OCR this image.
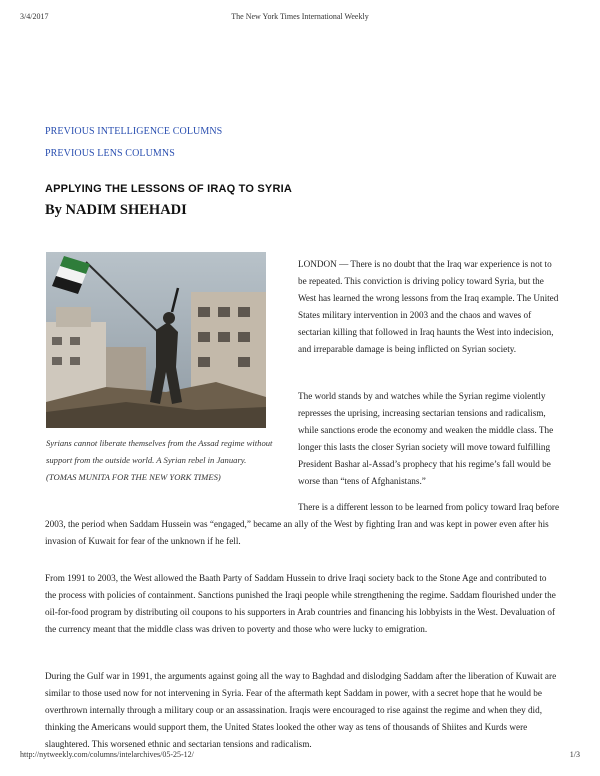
3/4/2017	The New York Times International Weekly
PREVIOUS INTELLIGENCE COLUMNS
PREVIOUS LENS COLUMNS
APPLYING THE LESSONS OF IRAQ TO SYRIA
By NADIM SHEHADI
Syrians cannot liberate themselves from the Assad regime without support from the outside world. A Syrian rebel in January. (TOMAS MUNITA FOR THE NEW YORK TIMES)

LONDON — There is no doubt that the Iraq war experience is not to be repeated. This conviction is driving policy toward Syria, but the West has learned the wrong lessons from the Iraq example. The United States military intervention in 2003 and the chaos and waves of sectarian killing that followed in Iraq haunts the West into indecision, and irreparable damage is being inflicted on Syrian society.

The world stands by and watches while the Syrian regime violently represses the uprising, increasing sectarian tensions and radicalism, while sanctions erode the economy and weaken the middle class. The longer this lasts the closer Syrian society will move toward fulfilling President Bashar al-Assad’s prophecy that his regime’s fall would be worse than “tens of Afghanistans.”

There is a different lesson to be learned from policy toward Iraq before 2003, the period when Saddam Hussein was “engaged,” became an ally of the West by fighting Iran and was kept in power even after his invasion of Kuwait for fear of the unknown if he fell.

From 1991 to 2003, the West allowed the Baath Party of Saddam Hussein to drive Iraqi society back to the Stone Age and contributed to the process with policies of containment. Sanctions punished the Iraqi people while strengthening the regime. Saddam flourished under the oil-for-food program by distributing oil coupons to his supporters in Arab countries and financing his lobbyists in the West. Devaluation of the currency meant that the middle class was driven to poverty and those who were lucky to emigration.

During the Gulf war in 1991, the arguments against going all the way to Baghdad and dislodging Saddam after the liberation of Kuwait are similar to those used now for not intervening in Syria. Fear of the aftermath kept Saddam in power, with a secret hope that he would be overthrown internally through a military coup or an assassination. Iraqis were encouraged to rise against the regime and when they did, thinking the Americans would support them, the United States looked the other way as tens of thousands of Shiites and Kurds were slaughtered. This worsened ethnic and sectarian tensions and radicalism.

http://nytweekly.com/columns/intelarchives/05-25-12/	1/3
